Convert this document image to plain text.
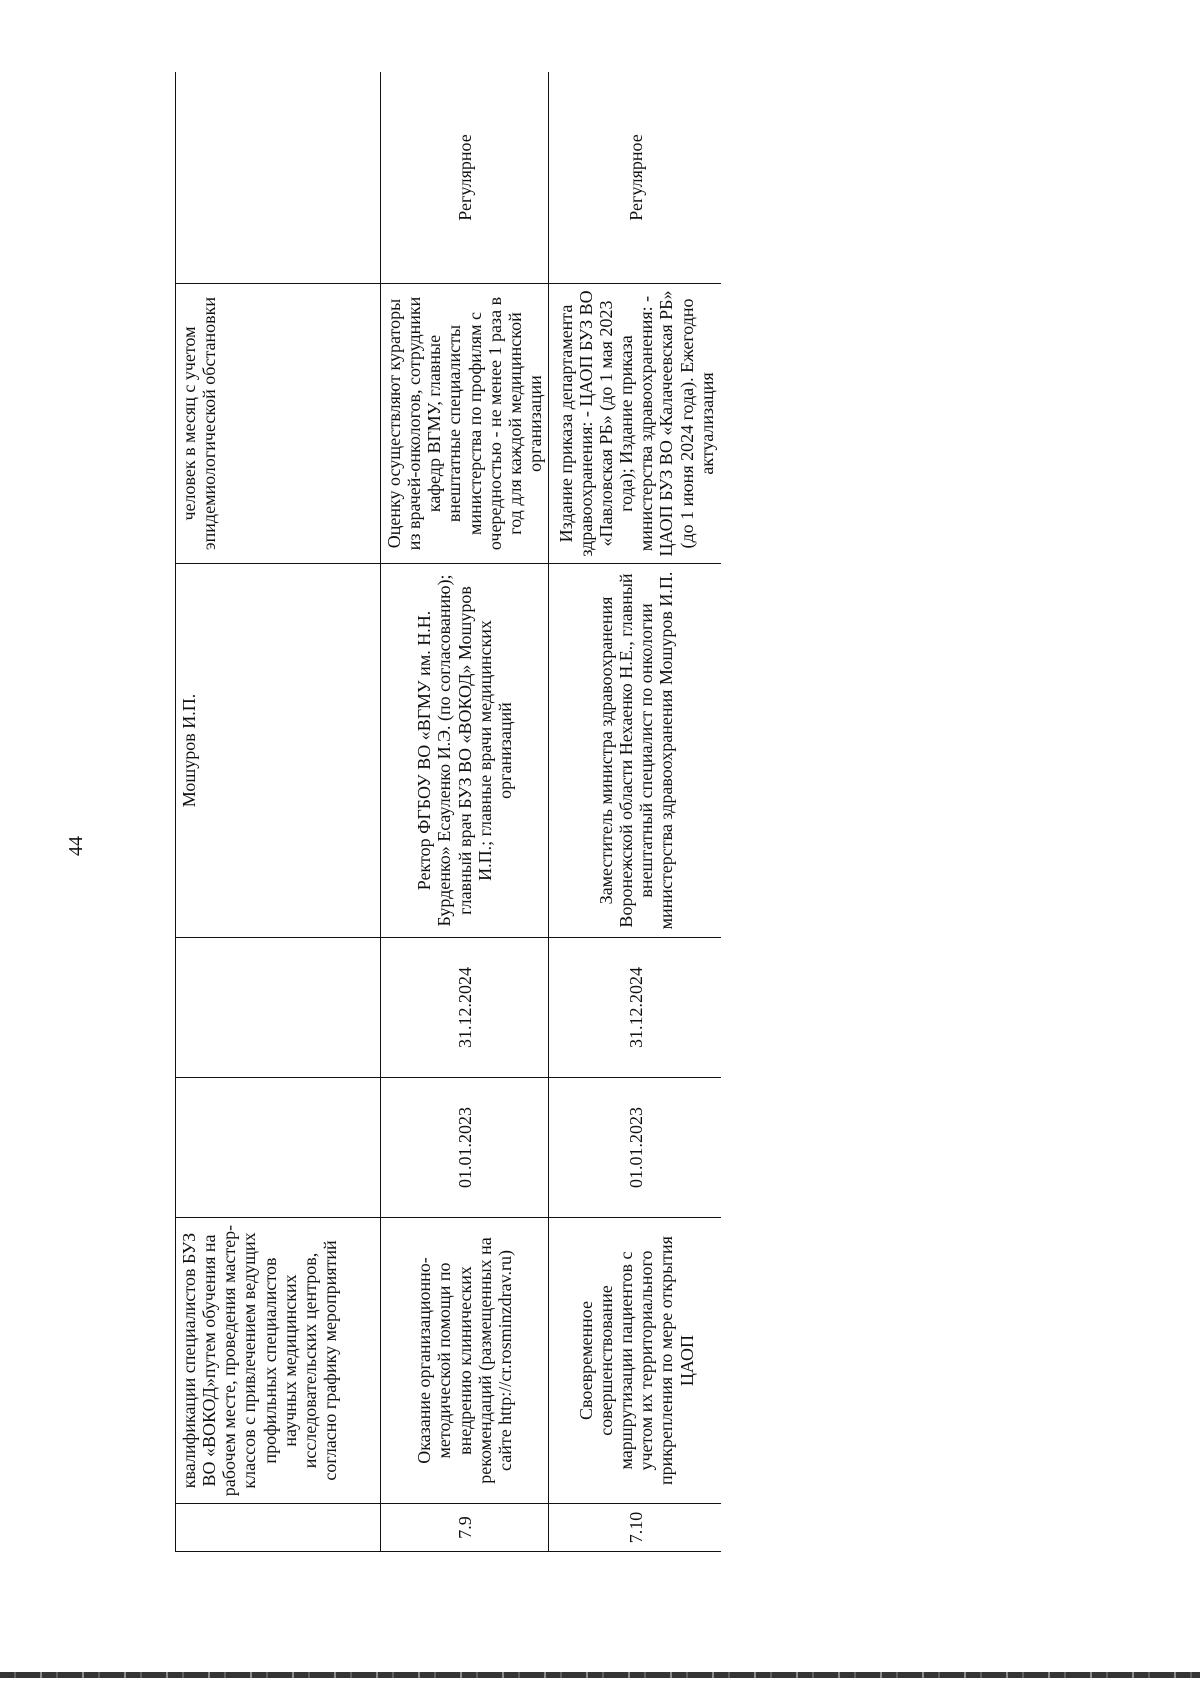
44
	квалификации специалистов БУЗ ВО «ВОКОД»путем обучения на рабочем месте, проведения мастер-классов с привлечением ведущих профильных специалистов научных медицинских исследовательских центров, согласно графику мероприятий			Мошуров И.П.	человек в месяц с учетом эпидемиологической обстановки	
7.9	Оказание организационно-методической помощи по внедрению клинических рекомендаций (размещенных на сайте http://cr.rosminzdrav.ru)	01.01.2023	31.12.2024	Ректор ФГБОУ ВО «ВГМУ им. Н.Н. Бурденко» Есауленко И.Э. (по согласованию); главный врач БУЗ ВО «ВОКОД» Мошуров И.П.; главные врачи медицинских организаций	Оценку осуществляют кураторы из врачей-онкологов, сотрудники кафедр ВГМУ, главные внештатные специалисты министерства по профилям с очередностью - не менее 1 раза в год для каждой медицинской организации	Регулярное
7.10	Своевременное совершенствование маршрутизации пациентов с учетом их территориального прикрепления по мере открытия ЦАОП	01.01.2023	31.12.2024	Заместитель министра здравоохранения Воронежской области Нехаенко Н.Е., главный внештатный специалист по онкологии министерства здравоохранения Мошуров И.П.	Издание приказа департамента здравоохранения: - ЦАОП БУЗ ВО «Павловская РБ» (до 1 мая 2023 года); Издание приказа министерства здравоохранения: - ЦАОП БУЗ ВО «Калачеевская РБ» (до 1 июня 2024 года). Ежегодно актуализация	Регулярное
